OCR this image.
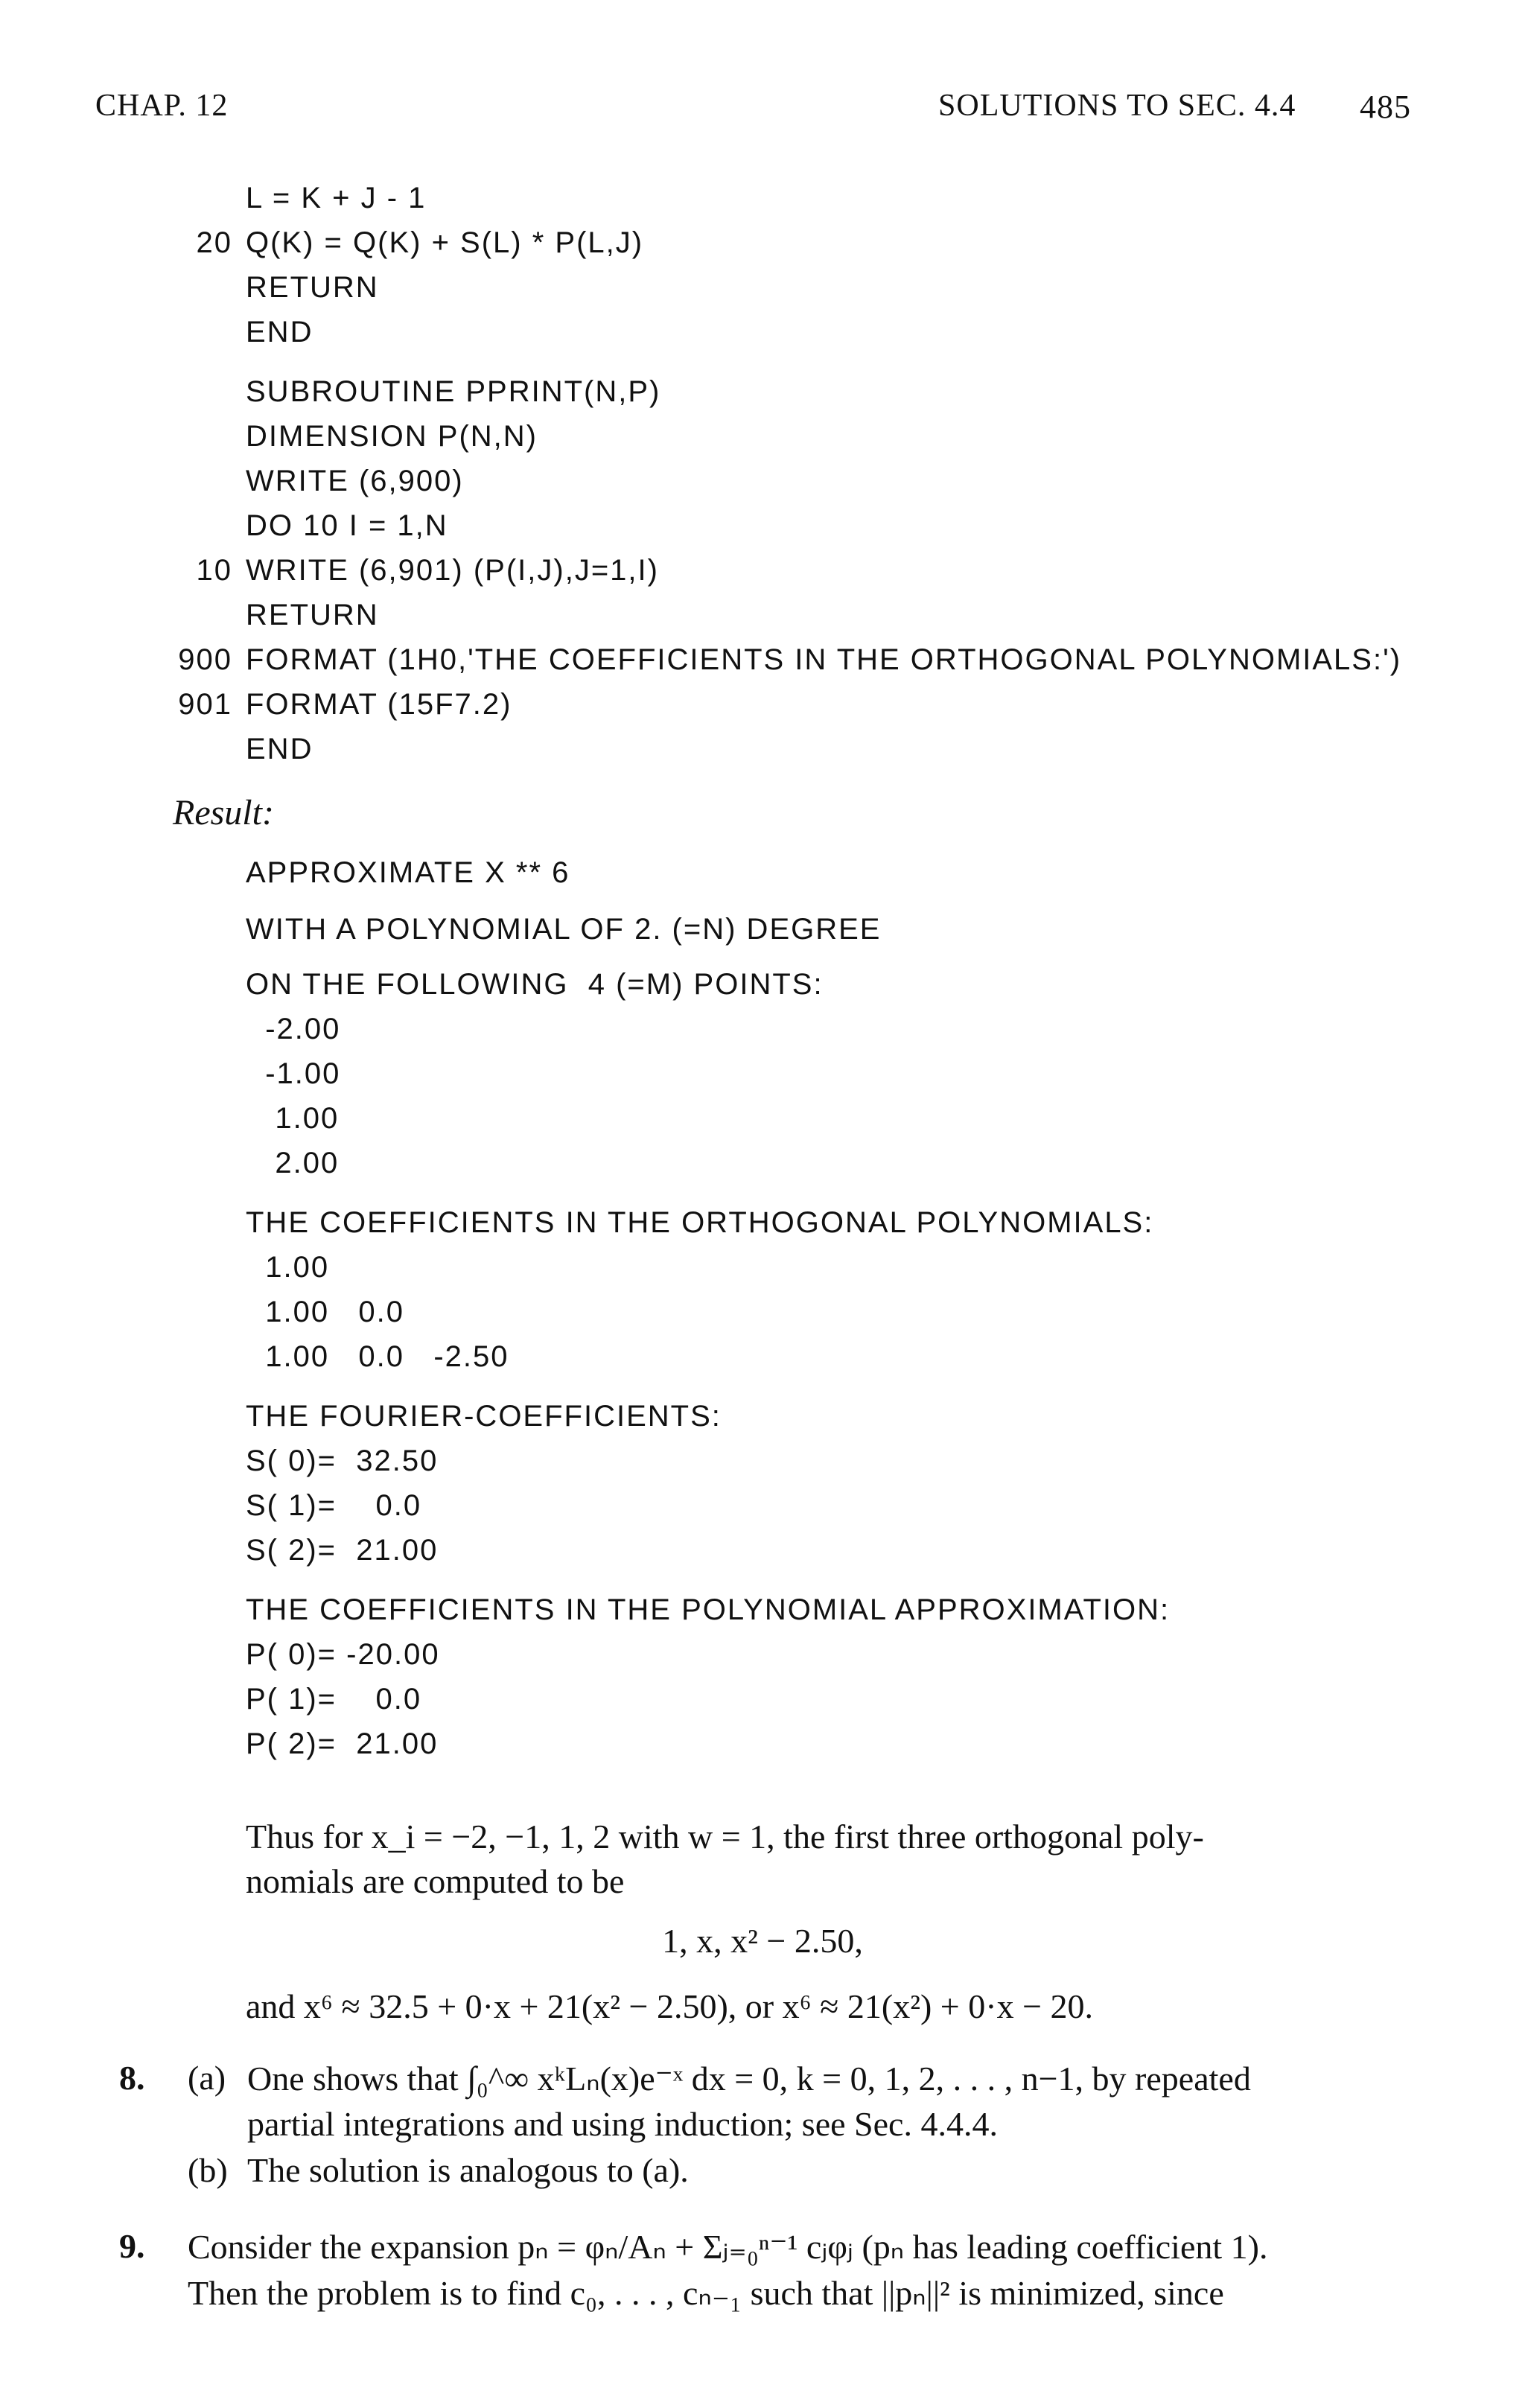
CHAP. 12	SOLUTIONS TO SEC. 4.4 485
L = K + J - 1
20 Q(K) = Q(K) + S(L) * P(L,J)
RETURN
END
SUBROUTINE PPRINT(N,P)
DIMENSION P(N,N)
WRITE (6,900)
DO 10 I = 1,N
10 WRITE (6,901) (P(I,J),J=1,I)
RETURN
900 FORMAT (1H0,'THE COEFFICIENTS IN THE ORTHOGONAL POLYNOMIALS:')
901 FORMAT (15F7.2)
END
Result:
APPROXIMATE X ** 6
WITH A POLYNOMIAL OF 2. (=N) DEGREE
ON THE FOLLOWING  4 (=M) POINTS:
-2.00
-1.00
1.00
2.00
THE COEFFICIENTS IN THE ORTHOGONAL POLYNOMIALS:
1.00
1.00   0.0
1.00   0.0   -2.50
THE FOURIER-COEFFICIENTS:
S( 0)=  32.50
S( 1)=    0.0
S( 2)=  21.00
THE COEFFICIENTS IN THE POLYNOMIAL APPROXIMATION:
P( 0)= -20.00
P( 1)=    0.0
P( 2)=  21.00
Thus for x_i = −2, −1, 1, 2 with w = 1, the first three orthogonal poly-
nomials are computed to be
1, x, x² − 2.50,
and x⁶ ≈ 32.5 + 0·x + 21(x² − 2.50), or x⁶ ≈ 21(x²) + 0·x − 20.
8. (a) One shows that ∫₀^∞ xᵏLₙ(x)e⁻ˣ dx = 0, k = 0, 1, 2, . . . , n−1, by repeated
partial integrations and using induction; see Sec. 4.4.4.
(b) The solution is analogous to (a).
9. Consider the expansion pₙ = φₙ/Aₙ + Σⱼ₌₀ⁿ⁻¹ cⱼφⱼ (pₙ has leading coefficient 1).
Then the problem is to find c₀, . . . , cₙ₋₁ such that ||pₙ||² is minimized, since
